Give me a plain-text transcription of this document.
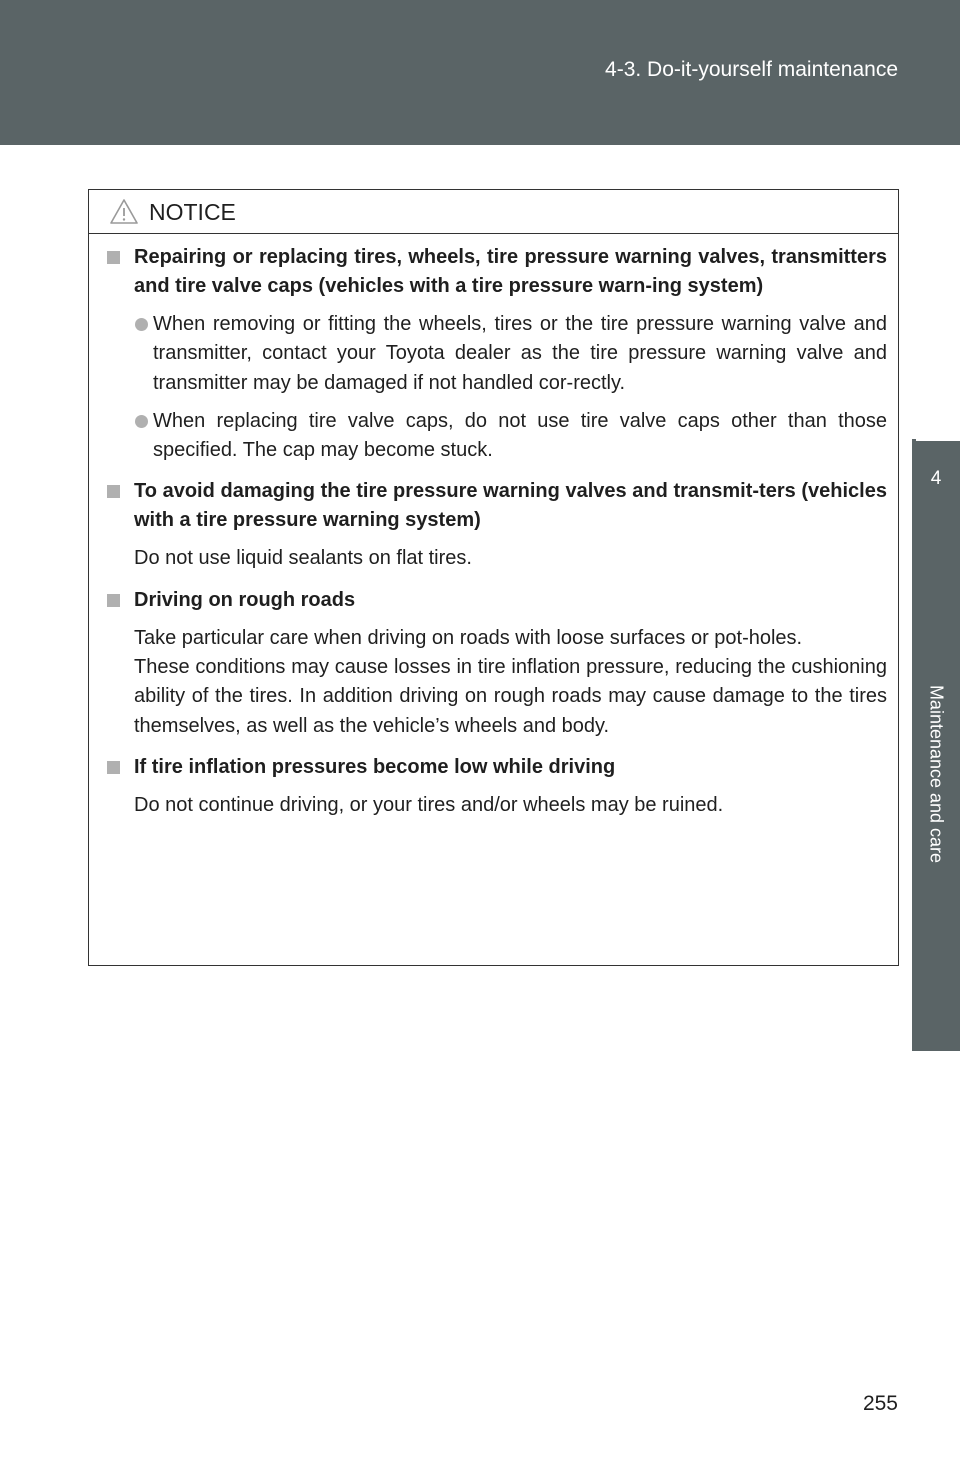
4-3. Do-it-yourself maintenance
4
Maintenance and care
NOTICE
Repairing or replacing tires, wheels, tire pressure warning valves, transmitters and tire valve caps (vehicles with a tire pressure warn-ing system)
When removing or fitting the wheels, tires or the tire pressure warning valve and transmitter, contact your Toyota dealer as the tire pressure warning valve and transmitter may be damaged if not handled cor-rectly.
When replacing tire valve caps, do not use tire valve caps other than those specified. The cap may become stuck.
To avoid damaging the tire pressure warning valves and transmit-ters (vehicles with a tire pressure warning system)
Do not use liquid sealants on flat tires.
Driving on rough roads
Take particular care when driving on roads with loose surfaces or pot-holes.
These conditions may cause losses in tire inflation pressure, reducing the cushioning ability of the tires. In addition driving on rough roads may cause damage to the tires themselves, as well as the vehicle’s wheels and body.
If tire inflation pressures become low while driving
Do not continue driving, or your tires and/or wheels may be ruined.
255
